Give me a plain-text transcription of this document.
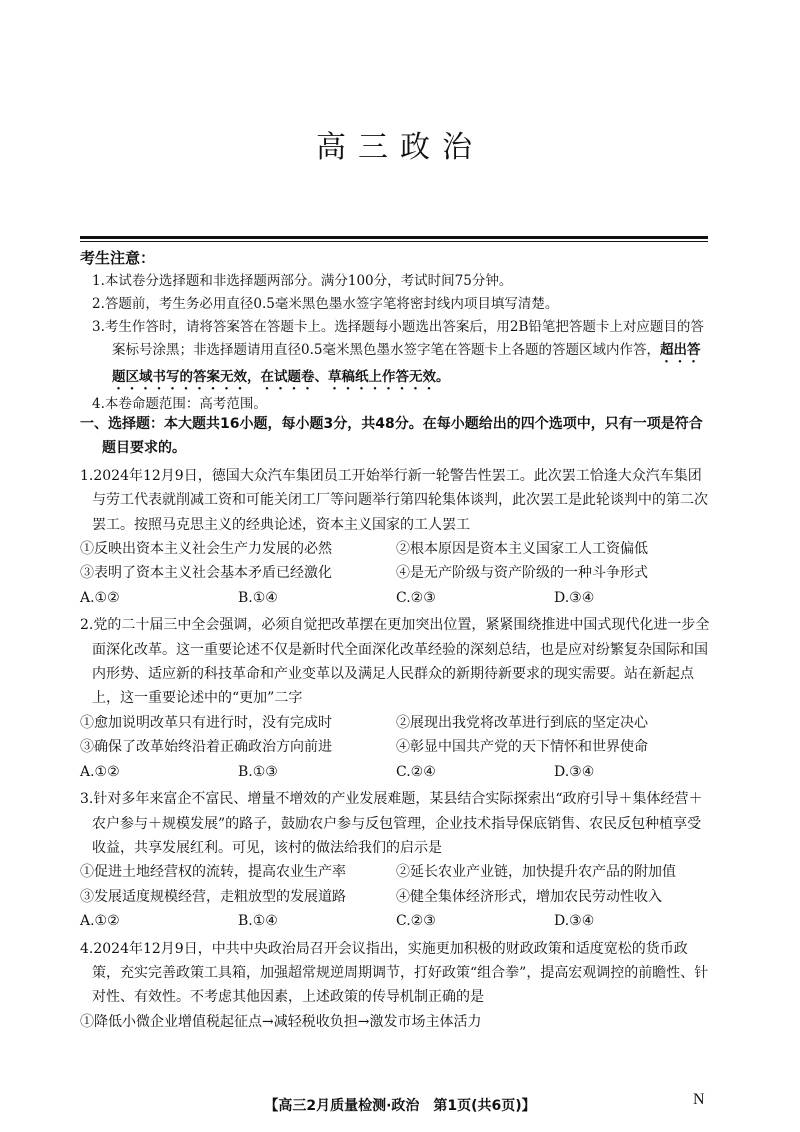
高三政治
考生注意：
1.本试卷分选择题和非选择题两部分。满分100分，考试时间75分钟。
2.答题前，考生务必用直径0.5毫米黑色墨水签字笔将密封线内项目填写清楚。
3.考生作答时，请将答案答在答题卡上。选择题每小题选出答案后，用2B铅笔把答题卡上对应题目的答案标号涂黑；非选择题请用直径0.5毫米黑色墨水签字笔在答题卡上各题的答题区域内作答，超出答题区域书写的答案无效，在试题卷、草稿纸上作答无效。
4.本卷命题范围：高考范围。
一、选择题：本大题共16小题，每小题3分，共48分。在每小题给出的四个选项中，只有一项是符合题目要求的。
1.2024年12月9日，德国大众汽车集团员工开始举行新一轮警告性罢工。此次罢工恰逢大众汽车集团与劳工代表就削减工资和可能关闭工厂等问题举行第四轮集体谈判，此次罢工是此轮谈判中的第二次罢工。按照马克思主义的经典论述，资本主义国家的工人罢工
①反映出资本主义社会生产力发展的必然	②根本原因是资本主义国家工人工资偏低
③表明了资本主义社会基本矛盾已经激化	④是无产阶级与资产阶级的一种斗争形式
A.①②	B.①④	C.②③	D.③④
2.党的二十届三中全会强调，必须自觉把改革摆在更加突出位置，紧紧围绕推进中国式现代化进一步全面深化改革。这一重要论述不仅是新时代全面深化改革经验的深刻总结，也是应对纷繁复杂国际和国内形势、适应新的科技革命和产业变革以及满足人民群众的新期待新要求的现实需要。站在新起点上，这一重要论述中的“更加”二字
①愈加说明改革只有进行时，没有完成时	②展现出我党将改革进行到底的坚定决心
③确保了改革始终沿着正确政治方向前进	④彰显中国共产党的天下情怀和世界使命
A.①②	B.①③	C.②④	D.③④
3.针对多年来富企不富民、增量不增效的产业发展难题，某县结合实际探索出“政府引导＋集体经营＋农户参与＋规模发展”的路子，鼓励农户参与反包管理，企业技术指导保底销售、农民反包种植享受收益，共享发展红利。可见，该村的做法给我们的启示是
①促进土地经营权的流转，提高农业生产率	②延长农业产业链，加快提升农产品的附加值
③发展适度规模经营，走粗放型的发展道路	④健全集体经济形式，增加农民劳动性收入
A.①②	B.①④	C.②③	D.③④
4.2024年12月9日，中共中央政治局召开会议指出，实施更加积极的财政政策和适度宽松的货币政策，充实完善政策工具箱，加强超常规逆周期调节，打好政策“组合拳”，提高宏观调控的前瞻性、针对性、有效性。不考虑其他因素，上述政策的传导机制正确的是
①降低小微企业增值税起征点→减轻税收负担→激发市场主体活力
【高三2月质量检测·政治　第1页(共6页)】	N
